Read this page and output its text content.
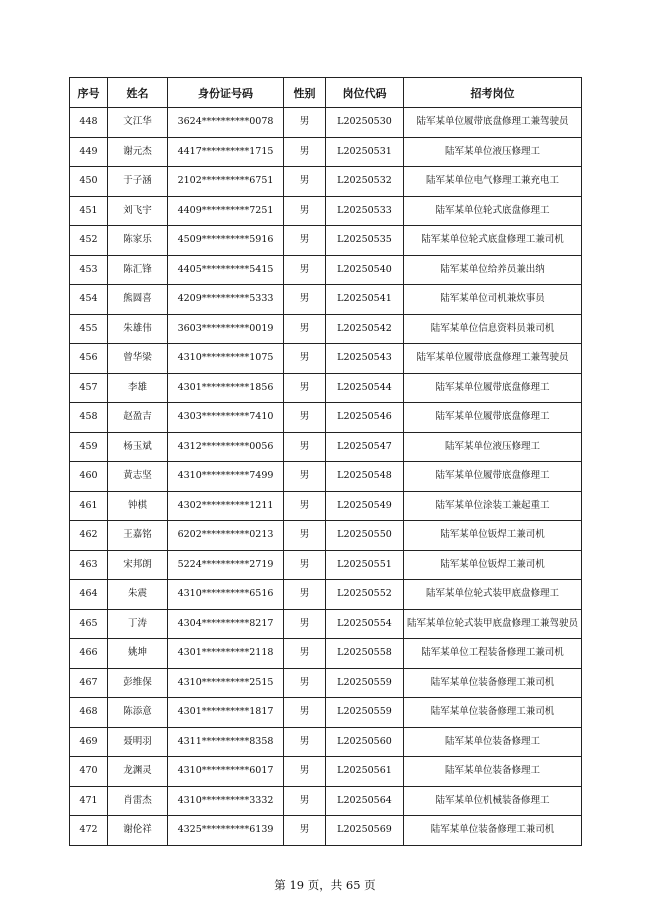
序号	姓名	身份证号码	性别	岗位代码	招考岗位
448	文江华	3624**********0078	男	L20250530	陆军某单位履带底盘修理工兼驾驶员
449	谢元杰	4417**********1715	男	L20250531	陆军某单位液压修理工
450	于子涵	2102**********6751	男	L20250532	陆军某单位电气修理工兼充电工
451	刘飞宇	4409**********7251	男	L20250533	陆军某单位轮式底盘修理工
452	陈家乐	4509**********5916	男	L20250535	陆军某单位轮式底盘修理工兼司机
453	陈汇锋	4405**********5415	男	L20250540	陆军某单位给养员兼出纳
454	熊圆喜	4209**********5333	男	L20250541	陆军某单位司机兼炊事员
455	朱雄伟	3603**********0019	男	L20250542	陆军某单位信息资料员兼司机
456	曾华梁	4310**********1075	男	L20250543	陆军某单位履带底盘修理工兼驾驶员
457	李雄	4301**********1856	男	L20250544	陆军某单位履带底盘修理工
458	赵盈吉	4303**********7410	男	L20250546	陆军某单位履带底盘修理工
459	杨玉斌	4312**********0056	男	L20250547	陆军某单位液压修理工
460	黄志坚	4310**********7499	男	L20250548	陆军某单位履带底盘修理工
461	钟棋	4302**********1211	男	L20250549	陆军某单位涂装工兼起重工
462	王嘉铭	6202**********0213	男	L20250550	陆军某单位钣焊工兼司机
463	宋邦朗	5224**********2719	男	L20250551	陆军某单位钣焊工兼司机
464	朱震	4310**********6516	男	L20250552	陆军某单位轮式装甲底盘修理工
465	丁涛	4304**********8217	男	L20250554	陆军某单位轮式装甲底盘修理工兼驾驶员
466	姚坤	4301**********2118	男	L20250558	陆军某单位工程装备修理工兼司机
467	彭维保	4310**********2515	男	L20250559	陆军某单位装备修理工兼司机
468	陈添意	4301**********1817	男	L20250559	陆军某单位装备修理工兼司机
469	聂明羽	4311**********8358	男	L20250560	陆军某单位装备修理工
470	龙渊灵	4310**********6017	男	L20250561	陆军某单位装备修理工
471	肖雷杰	4310**********3332	男	L20250564	陆军某单位机械装备修理工
472	谢伦祥	4325**********6139	男	L20250569	陆军某单位装备修理工兼司机
第 19 页，共 65 页
